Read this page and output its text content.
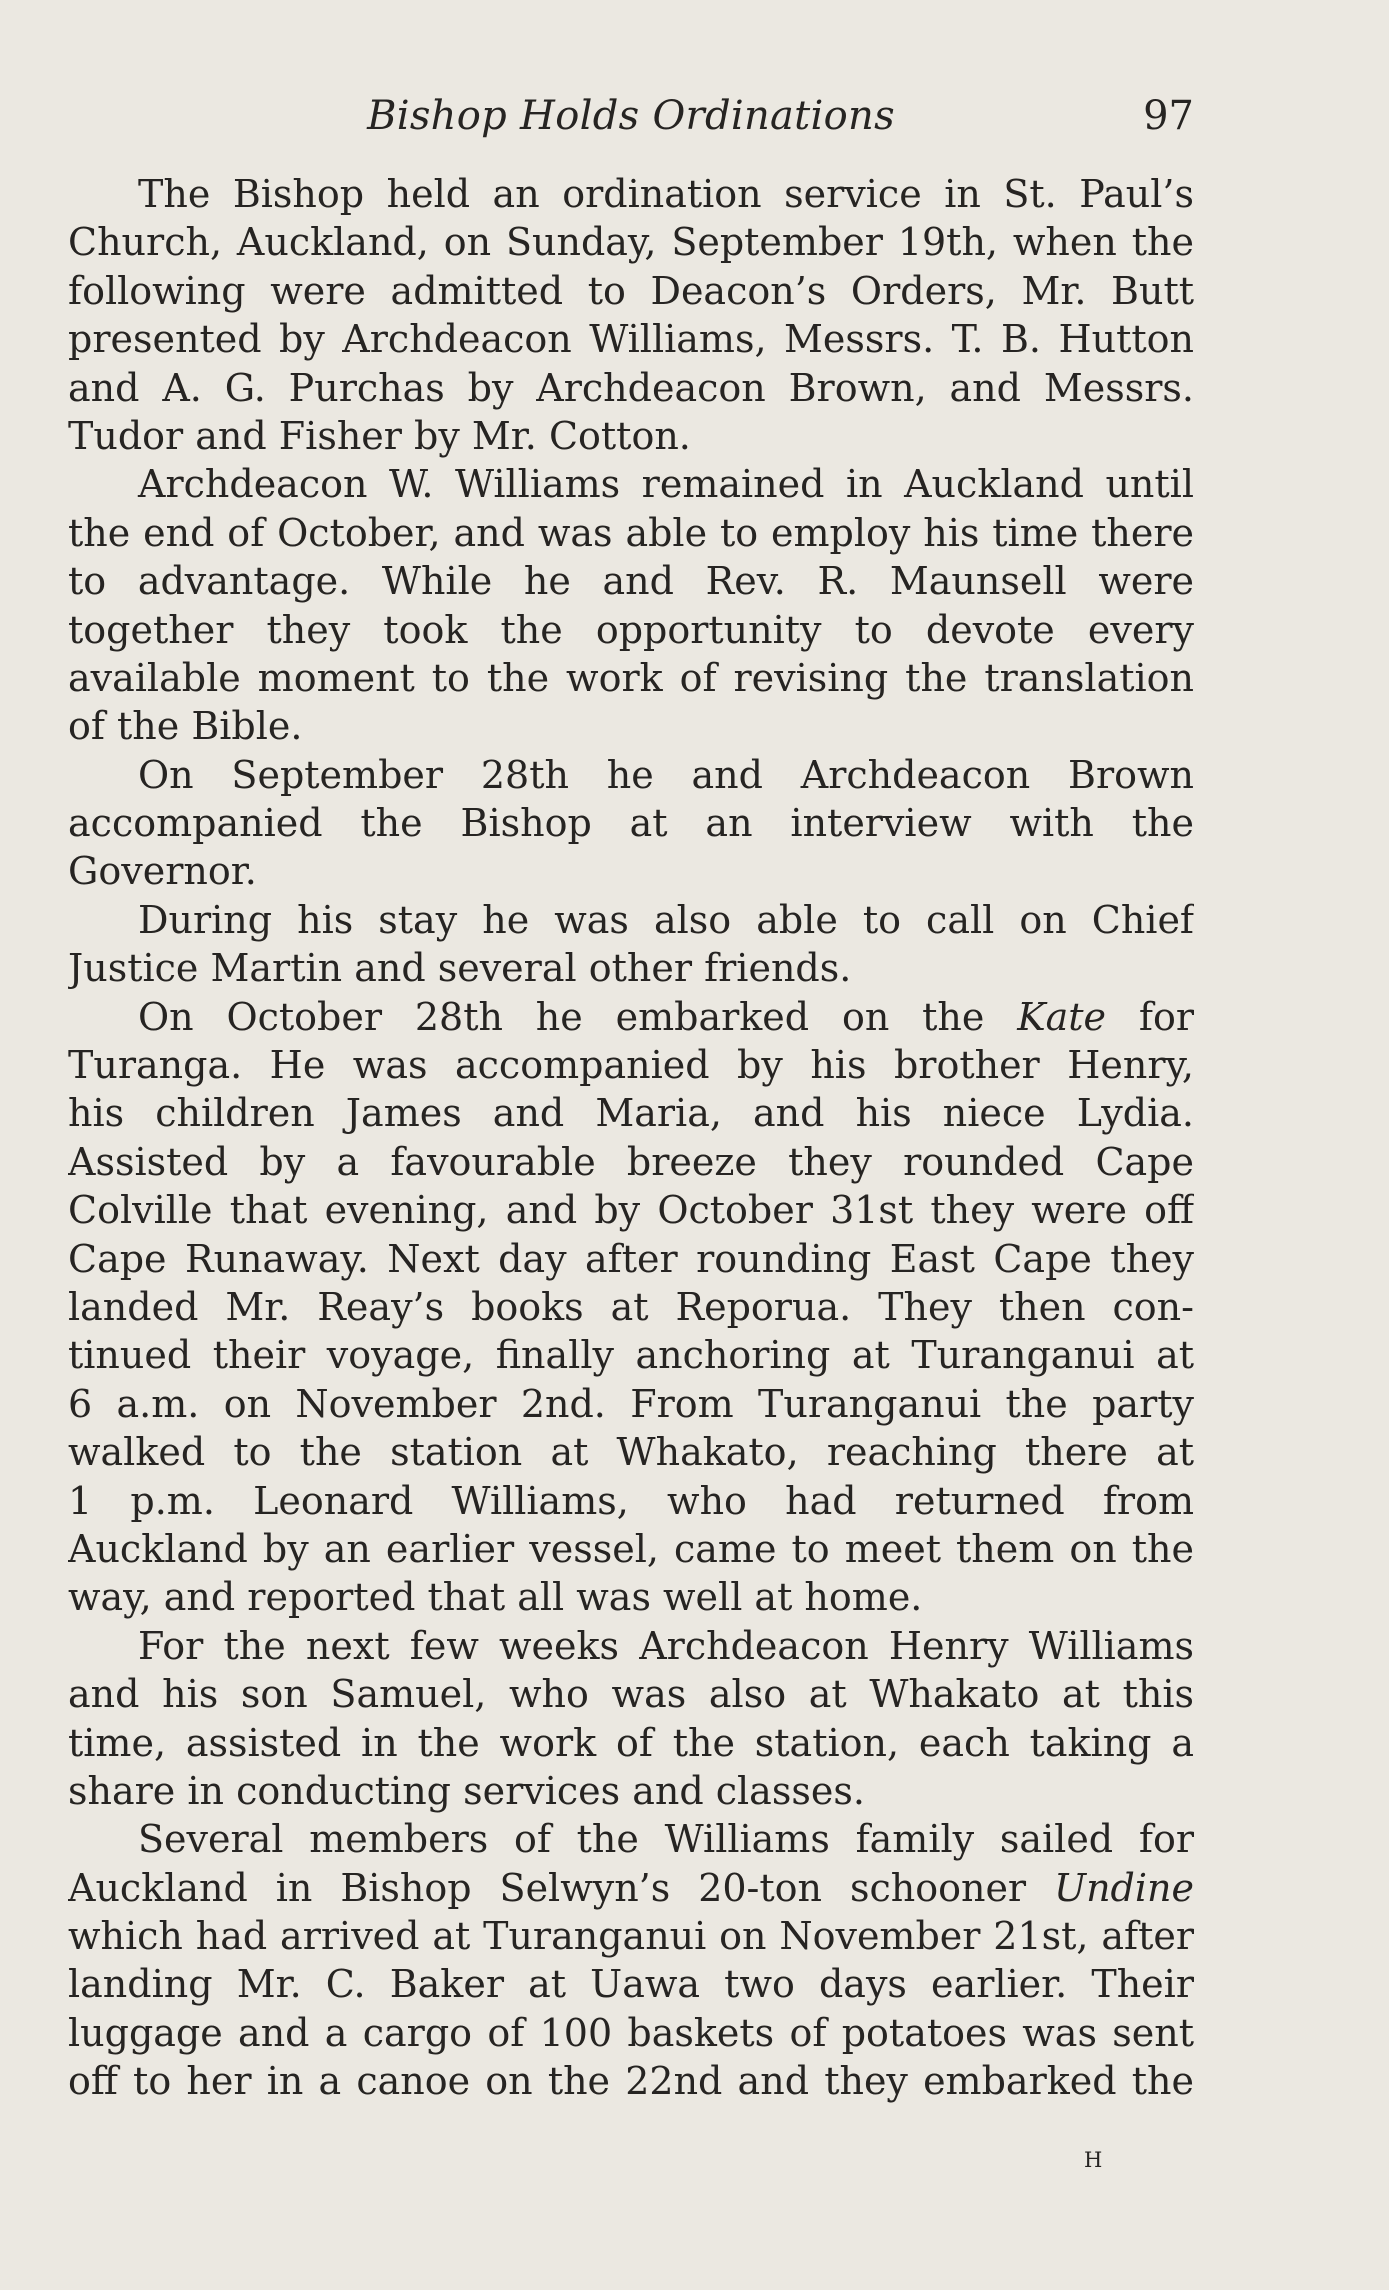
Bishop Holds Ordinations	97
The Bishop held an ordination service in St. Paul’s
Church, Auckland, on Sunday, September 19th, when the
following were admitted to Deacon’s Orders, Mr. Butt
presented by Archdeacon Williams, Messrs. T. B. Hutton
and A. G. Purchas by Archdeacon Brown, and Messrs.
Tudor and Fisher by Mr. Cotton.
Archdeacon W. Williams remained in Auckland until
the end of October, and was able to employ his time there
to advantage. While he and Rev. R. Maunsell were
together they took the opportunity to devote every
available moment to the work of revising the translation
of the Bible.
On September 28th he and Archdeacon Brown
accompanied the Bishop at an interview with the
Governor.
During his stay he was also able to call on Chief
Justice Martin and several other friends.
On October 28th he embarked on the Kate for
Turanga. He was accompanied by his brother Henry,
his children James and Maria, and his niece Lydia.
Assisted by a favourable breeze they rounded Cape
Colville that evening, and by October 31st they were off
Cape Runaway. Next day after rounding East Cape they
landed Mr. Reay’s books at Reporua. They then con-
tinued their voyage, finally anchoring at Turanganui at
6 a.m. on November 2nd. From Turanganui the party
walked to the station at Whakato, reaching there at
1 p.m. Leonard Williams, who had returned from
Auckland by an earlier vessel, came to meet them on the
way, and reported that all was well at home.
For the next few weeks Archdeacon Henry Williams
and his son Samuel, who was also at Whakato at this
time, assisted in the work of the station, each taking a
share in conducting services and classes.
Several members of the Williams family sailed for
Auckland in Bishop Selwyn’s 20-ton schooner Undine
which had arrived at Turanganui on November 21st, after
landing Mr. C. Baker at Uawa two days earlier. Their
luggage and a cargo of 100 baskets of potatoes was sent
off to her in a canoe on the 22nd and they embarked the
H
